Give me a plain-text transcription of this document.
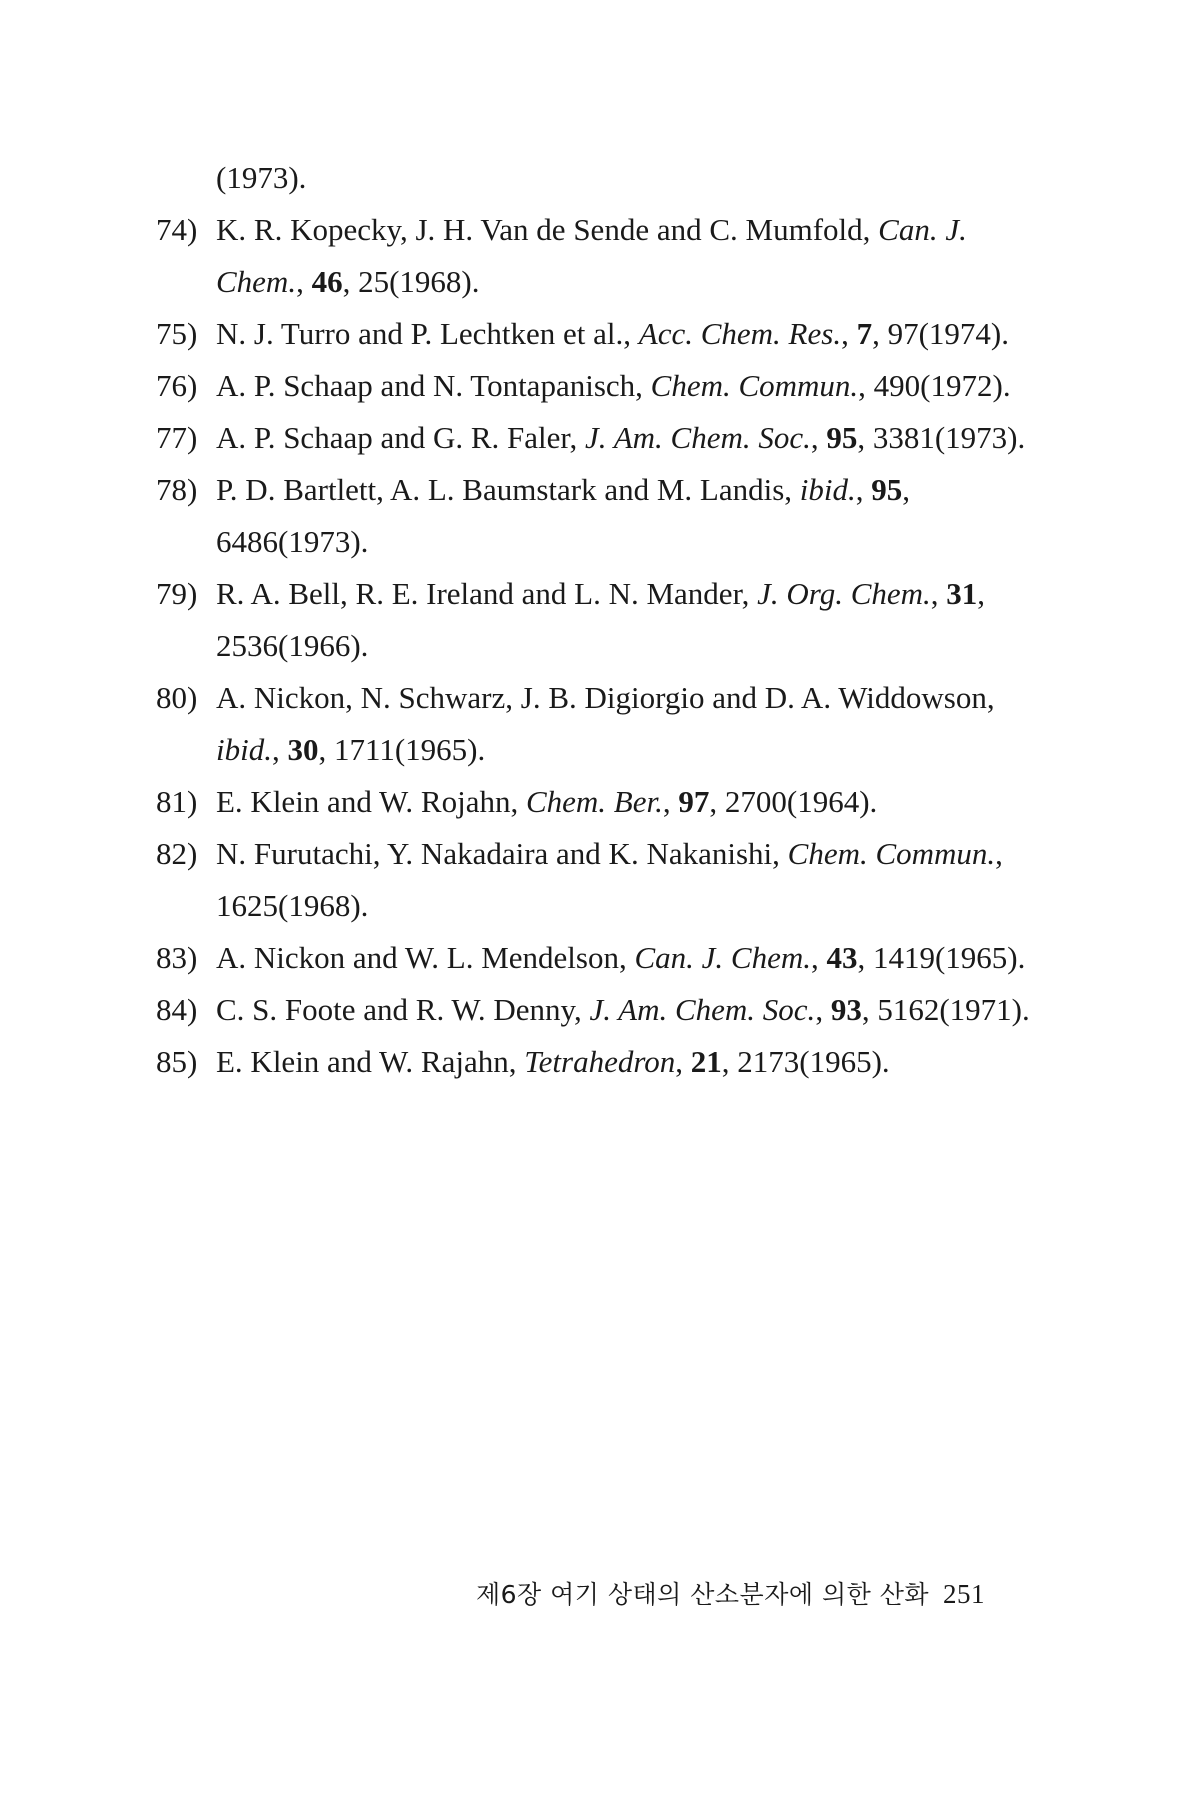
(1973).
74) K. R. Kopecky, J. H. Van de Sende and C. Mumfold, Can. J. Chem., 46, 25(1968).
75) N. J. Turro and P. Lechtken et al., Acc. Chem. Res., 7, 97(1974).
76) A. P. Schaap and N. Tontapanisch, Chem. Commun., 490(1972).
77) A. P. Schaap and G. R. Faler, J. Am. Chem. Soc., 95, 3381(1973).
78) P. D. Bartlett, A. L. Baumstark and M. Landis, ibid., 95, 6486(1973).
79) R. A. Bell, R. E. Ireland and L. N. Mander, J. Org. Chem., 31, 2536(1966).
80) A. Nickon, N. Schwarz, J. B. Digiorgio and D. A. Widdowson, ibid., 30, 1711(1965).
81) E. Klein and W. Rojahn, Chem. Ber., 97, 2700(1964).
82) N. Furutachi, Y. Nakadaira and K. Nakanishi, Chem. Commun., 1625(1968).
83) A. Nickon and W. L. Mendelson, Can. J. Chem., 43, 1419(1965).
84) C. S. Foote and R. W. Denny, J. Am. Chem. Soc., 93, 5162(1971).
85) E. Klein and W. Rajahn, Tetrahedron, 21, 2173(1965).
제6장 여기 상태의 산소분자에 의한 산화 251
